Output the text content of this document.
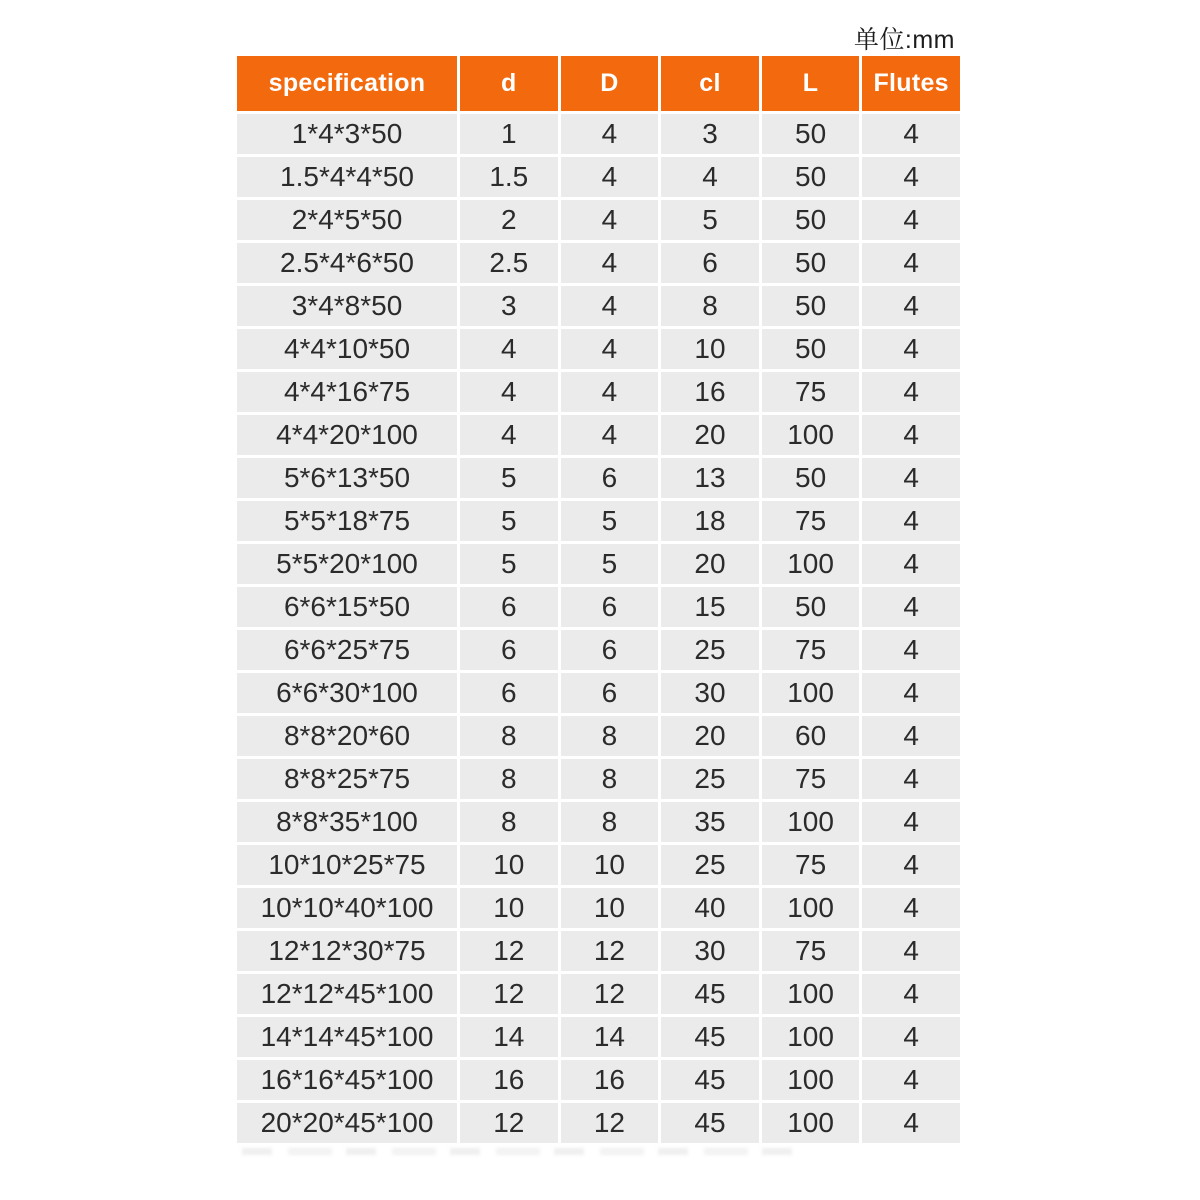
单位:mm
specification	d	D	cl	L	Flutes
1*4*3*50	1	4	3	50	4
1.5*4*4*50	1.5	4	4	50	4
2*4*5*50	2	4	5	50	4
2.5*4*6*50	2.5	4	6	50	4
3*4*8*50	3	4	8	50	4
4*4*10*50	4	4	10	50	4
4*4*16*75	4	4	16	75	4
4*4*20*100	4	4	20	100	4
5*6*13*50	5	6	13	50	4
5*5*18*75	5	5	18	75	4
5*5*20*100	5	5	20	100	4
6*6*15*50	6	6	15	50	4
6*6*25*75	6	6	25	75	4
6*6*30*100	6	6	30	100	4
8*8*20*60	8	8	20	60	4
8*8*25*75	8	8	25	75	4
8*8*35*100	8	8	35	100	4
10*10*25*75	10	10	25	75	4
10*10*40*100	10	10	40	100	4
12*12*30*75	12	12	30	75	4
12*12*45*100	12	12	45	100	4
14*14*45*100	14	14	45	100	4
16*16*45*100	16	16	45	100	4
20*20*45*100	12	12	45	100	4
